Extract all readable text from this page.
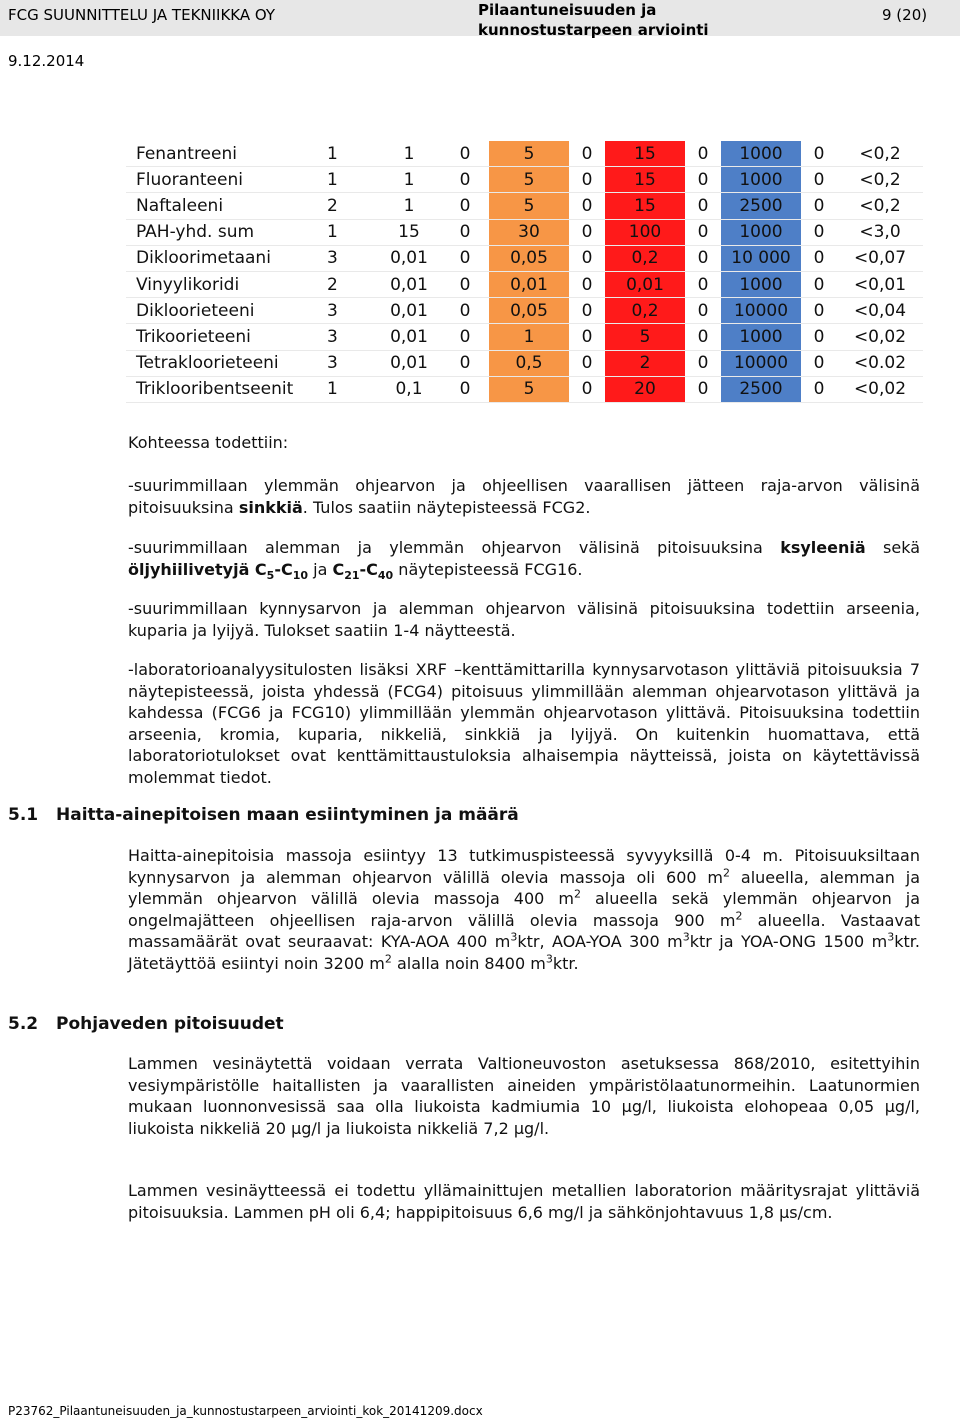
FCG SUUNNITTELU JA TEKNIIKKA OY	Pilaantuneisuuden ja
kunnostustarpeen arviointi
9 (20)
9.12.2014
Fenantreeni	1	1	0	5	0	15	0	1000	0	<0,2
Fluoranteeni	1	1	0	5	0	15	0	1000	0	<0,2
Naftaleeni	2	1	0	5	0	15	0	2500	0	<0,2
PAH-yhd. sum	1	15	0	30	0	100	0	1000	0	<3,0
Dikloorimetaani	3	0,01	0	0,05	0	0,2	0	10 000	0	<0,07
Vinyylikoridi	2	0,01	0	0,01	0	0,01	0	1000	0	<0,01
Dikloorieteeni	3	0,01	0	0,05	0	0,2	0	10000	0	<0,04
Trikoorieteeni	3	0,01	0	1	0	5	0	1000	0	<0,02
Tetrakloorieteeni	3	0,01	0	0,5	0	2	0	10000	0	<0.02
Triklooribentseenit	1	0,1	0	5	0	20	0	2500	0	<0,02
Kohteessa todettiin:
-suurimmillaan ylemmän ohjearvon ja ohjeellisen vaarallisen jätteen raja-arvon välisinä pitoisuuksina sinkkiä. Tulos saatiin näytepisteessä FCG2.
-suurimmillaan alemman ja ylemmän ohjearvon välisinä pitoisuuksina ksyleeniä sekä öljyhiilivetyjä $C_5-C_{10}$ ja $C_{21}-C_{40}$ näytepisteessä FCG16.
-suurimmillaan kynnysarvon ja alemman ohjearvon välisinä pitoisuuksina todettiin arseenia, kuparia ja lyijyä. Tulokset saatiin 1-4 näytteestä.
-laboratorioanalyysitulosten lisäksi XRF –kenttämittarilla kynnysarvotason ylittäviä pitoisuuksia 7 näytepisteessä, joista yhdessä (FCG4) pitoisuus ylimmillään alemman ohjearvotason ylittävä ja kahdessa (FCG6 ja FCG10) ylimmillään ylemmän ohjearvotason ylittävä. Pitoisuuksina todettiin arseenia, kromia, kuparia, nikkeliä, sinkkiä ja lyijyä. On kuitenkin huomattava, että laboratoriotulokset ovat kenttämittaustuloksia alhaisempia näytteissä, joista on käytettävissä molemmat tiedot.
5.1 Haitta-ainepitoisen maan esiintyminen ja määrä
Haitta-ainepitoisia massoja esiintyy 13 tutkimuspisteessä syvyyksillä 0-4 m. Pitoisuuksiltaan kynnysarvon ja alemman ohjearvon välillä olevia massoja oli 600 $m^2$ alueella, alemman ja ylemmän ohjearvon välillä olevia massoja 400 $m^2$ alueella sekä ylemmän ohjearvon ja ongelmajätteen ohjeellisen raja-arvon välillä olevia massoja 900 $m^2$ alueella. Vastaavat massamäärät ovat seuraavat: KYA-AOA 400 $m^3ktr$, AOA-YOA 300 $m^3ktr$ ja YOA-ONG 1500 $m^3ktr$. Jätetäyttöä esiintyi noin 3200 $m^2$ alalla noin 8400 $m^3ktr$.
5.2 Pohjaveden pitoisuudet
Lammen vesinäytettä voidaan verrata Valtioneuvoston asetuksessa 868/2010, esitettyihin vesiympäristölle haitallisten ja vaarallisten aineiden ympäristölaatunormeihin. Laatunormien mukaan luonnonvesissä saa olla liukoista kadmiumia 10 µg/l, liukoista elohopeaa 0,05 µg/l, liukoista nikkeliä 20 µg/l ja liukoista nikkeliä 7,2 µg/l.
Lammen vesinäytteessä ei todettu yllämainittujen metallien laboratorion määritysrajat ylittäviä pitoisuuksia. Lammen pH oli 6,4; happipitoisuus 6,6 mg/l ja sähkönjohtavuus 1,8 µs/cm.
P23762_Pilaantuneisuuden_ja_kunnostustarpeen_arviointi_kok_20141209.docx
